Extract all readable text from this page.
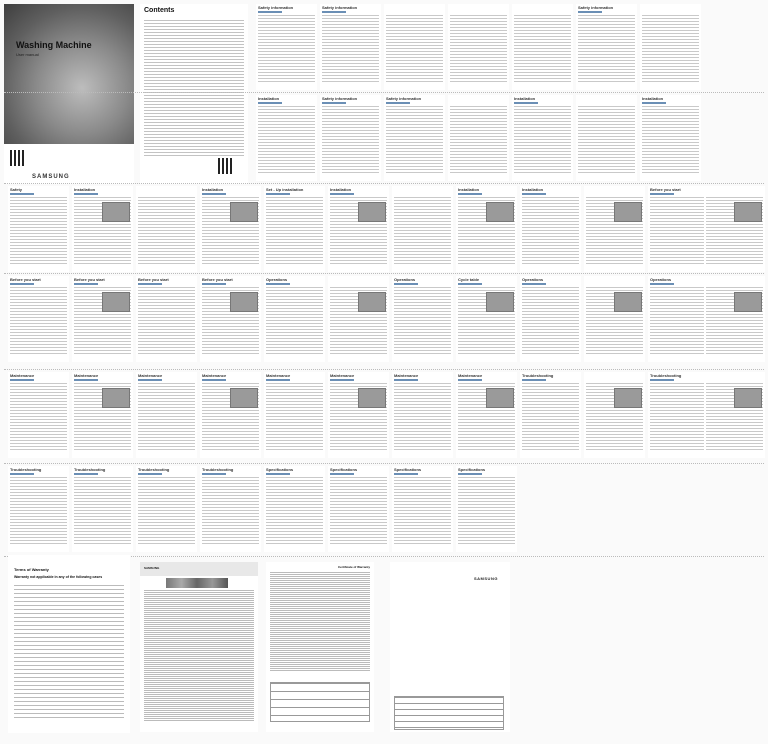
Washing Machine
User manual
SAMSUNG
Contents	Safety information	Safety information	Safety information
Installation	Safety information	Safety information	Installation	Installation
Safety	Installation	Installation	Set - Up installation	Installation	Installation	Installation	Before you start
Before you start	Before you start	Before you start	Before you start	Operations	Operations	Cycle table	Operations	Operations
Maintenance	Maintenance	Maintenance	Maintenance	Maintenance	Maintenance	Maintenance	Maintenance	Troubleshooting	Troubleshooting
Troubleshooting	Troubleshooting	Troubleshooting	Troubleshooting	Specifications	Specifications	Specifications	Specifications
Terms of Warranty
Warranty not applicable in any of the following cases
SAMSUNG	Certificate of Warranty
SAMSUNG
